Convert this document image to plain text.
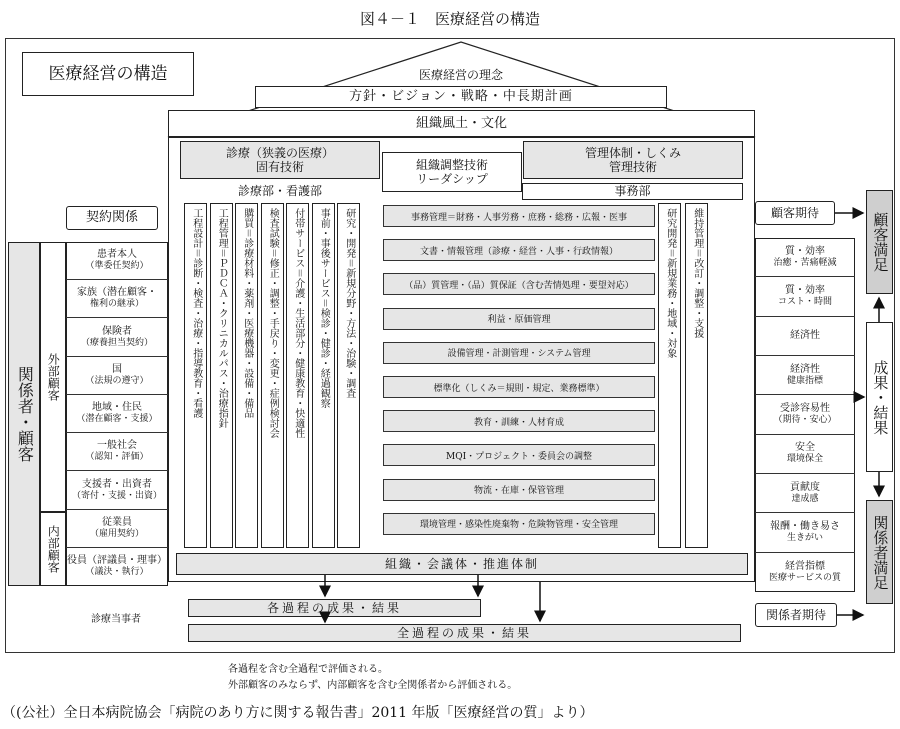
図４－１　医療経営の構造
医療経営の構造	医療経営の理念
方針・ビジョン・戦略・中長期計画
組織風土・文化
診療（狭義の医療）
固有技術
管理体制・しくみ
管理技術
組織調整技術
リーダシップ
診療部・看護部	事務部
工程設計＝診断・検査・治療・指導教育・看護 工程管理＝ＰＤＣＡ・クリニカルパス・治療指針 購買＝診療材料・薬剤・医療機器・設備・備品 検査試験＝修正・調整・手戻り・変更・症例検討会 付帯サービス＝介護・生活部分・健康教育・快適性 事前・事後サービス＝検診・健診・経過観察 研究・開発＝新規分野・方法・治験・調査	研究開発＝新規業務・地域・対象 維持管理＝改訂・調整・支援
事務管理＝財務・人事労務・庶務・総務・広報・医事
文書・情報管理（診療・経営・人事・行政情報）
（品）質管理・（品）質保証（含む苦情処理・要望対応）
利益・原価管理
設備管理・計測管理・システム管理
標準化（しくみ＝規則・規定、業務標準）
教育・訓練・人材育成
MQI・プロジェクト・委員会の調整
物流・在庫・保管管理
環境管理・感染性廃棄物・危険物管理・安全管理
組織・会議体・推進体制
契約関係
関係者・顧客 外部顧客
内部顧客
患者本人
（準委任契約）
家族（潜在顧客・
権利の継承）
保険者
（療養担当契約）
国
（法規の遵守）
地域・住民
（潜在顧客・支援）
一般社会
（認知・評価）
支援者・出資者
（寄付・支援・出資）
従業員
（雇用契約）
役員（評議員・理事）
（議決・執行）
診療当事者
質・効率
治癒・苦痛軽減
質・効率
コスト・時間
経済性
経済性
健康指標
受診容易性
（期待・安心）
安全
環境保全
貢献度
達成感
報酬・働き易さ
生きがい
経営指標
医療サービスの質
顧客期待	顧客満足
成果・結果
関係者満足
関係者期待
各過程の成果・結果
全過程の成果・結果
各過程を含む全過程で評価される。
外部顧客のみならず、内部顧客を含む全関係者から評価される。
（(公社）全日本病院協会「病院のあり方に関する報告書」2011 年版「医療経営の質」より）
